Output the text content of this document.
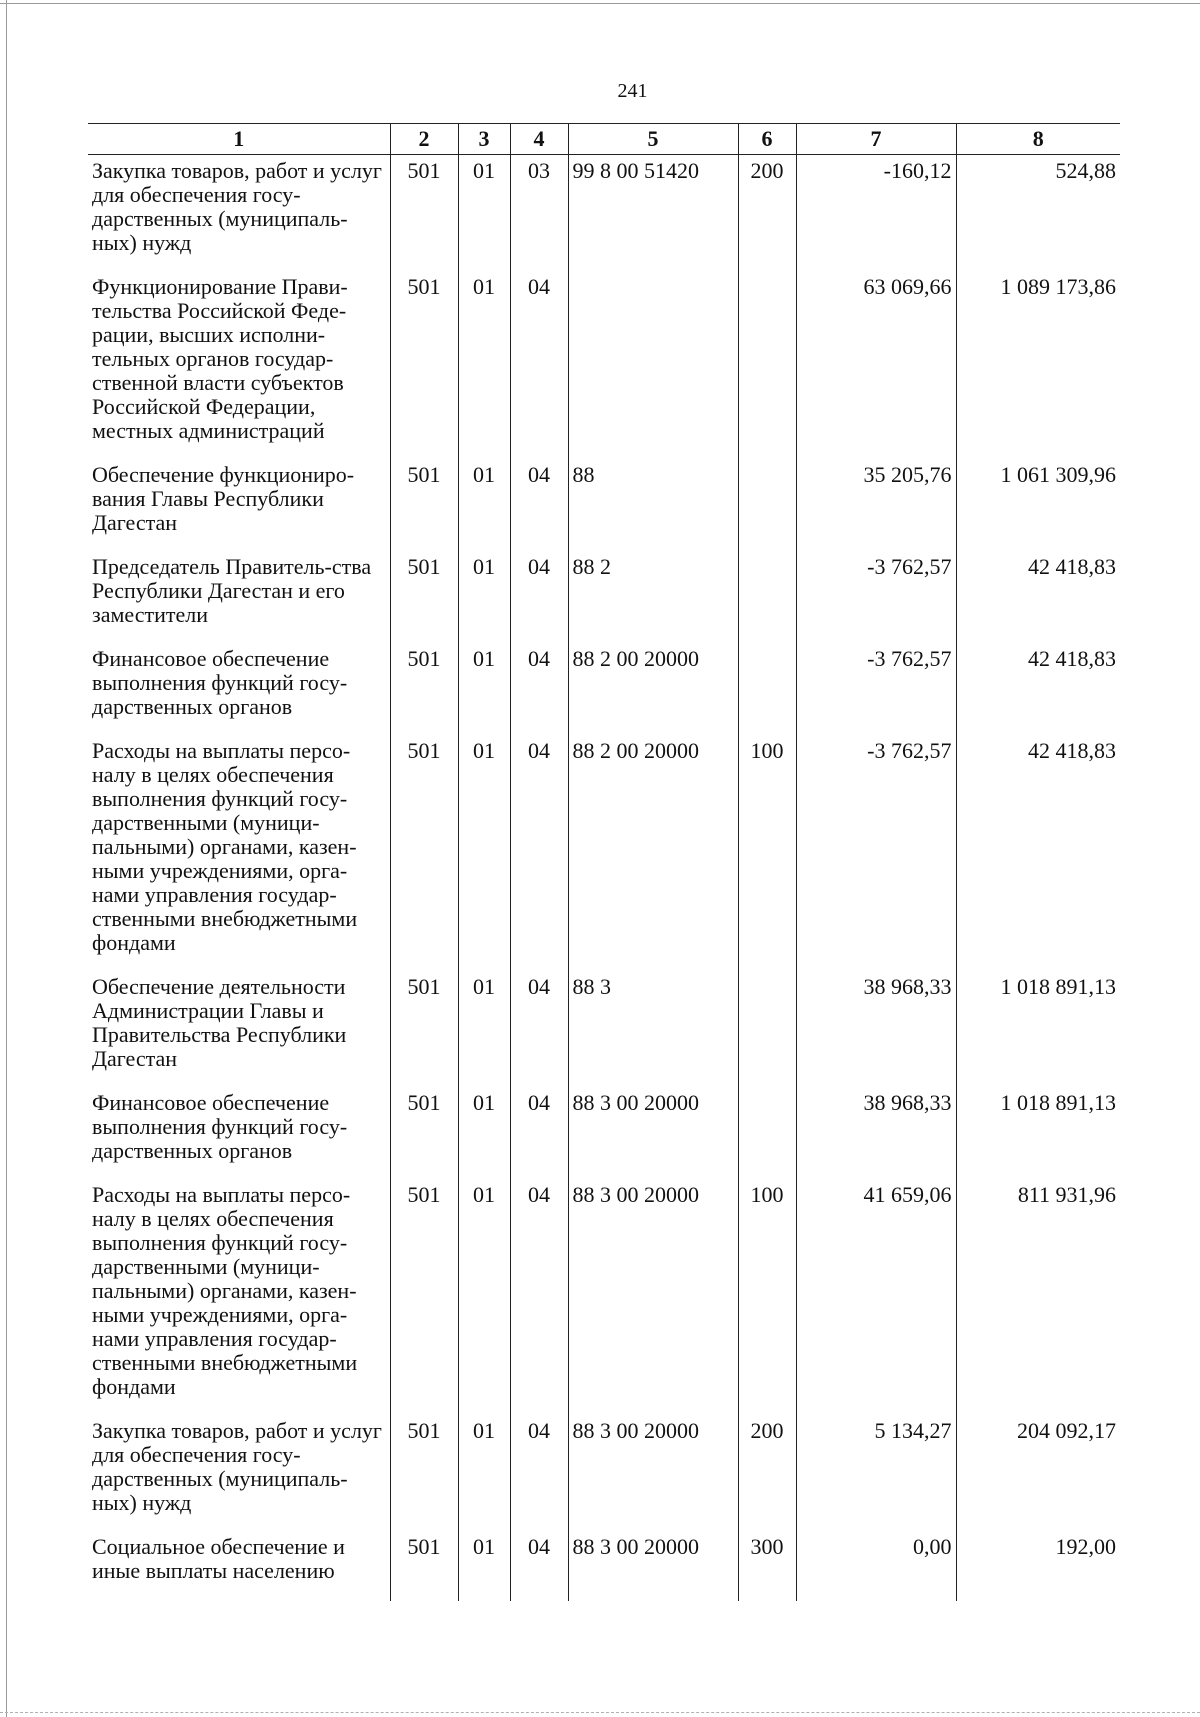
241
1	2	3	4	5	6	7	8
Закупка товаров, работ и услуг для обеспечения госу-дарственных (муниципаль-ных) нужд	501	01	03	99 8 00 51420	200	-160,12	524,88
Функционирование Прави-тельства Российской Феде-рации, высших исполни-тельных органов государ-ственной власти субъектов Российской Федерации, местных администраций	501	01	04			63 069,66	1 089 173,86
Обеспечение функциониро-вания Главы Республики Дагестан	501	01	04	88		35 205,76	1 061 309,96
Председатель Правитель-ства Республики Дагестан и его заместители	501	01	04	88 2		-3 762,57	42 418,83
Финансовое обеспечение выполнения функций госу-дарственных органов	501	01	04	88 2 00 20000		-3 762,57	42 418,83
Расходы на выплаты персо-налу в целях обеспечения выполнения функций госу-дарственными (муници-пальными) органами, казен-ными учреждениями, орга-нами управления государ-ственными внебюджетными фондами	501	01	04	88 2 00 20000	100	-3 762,57	42 418,83
Обеспечение деятельности Администрации Главы и Правительства Республики Дагестан	501	01	04	88 3		38 968,33	1 018 891,13
Финансовое обеспечение выполнения функций госу-дарственных органов	501	01	04	88 3 00 20000		38 968,33	1 018 891,13
Расходы на выплаты персо-налу в целях обеспечения выполнения функций госу-дарственными (муници-пальными) органами, казен-ными учреждениями, орга-нами управления государ-ственными внебюджетными фондами	501	01	04	88 3 00 20000	100	41 659,06	811 931,96
Закупка товаров, работ и услуг для обеспечения госу-дарственных (муниципаль-ных) нужд	501	01	04	88 3 00 20000	200	5 134,27	204 092,17
Социальное обеспечение и иные выплаты населению	501	01	04	88 3 00 20000	300	0,00	192,00
